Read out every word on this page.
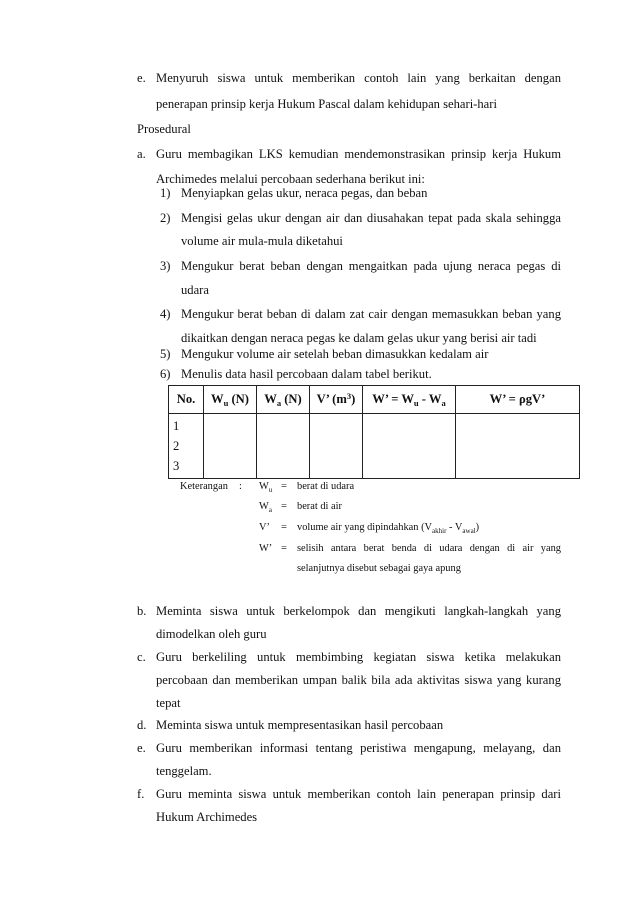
e. Menyuruh siswa untuk memberikan contoh lain yang berkaitan dengan
penerapan prinsip kerja Hukum Pascal dalam kehidupan sehari-hari
Prosedural
a. Guru membagikan LKS kemudian mendemonstrasikan prinsip kerja Hukum
Archimedes melalui percobaan sederhana berikut ini:
1) Menyiapkan gelas ukur, neraca pegas, dan beban
2) Mengisi gelas ukur dengan air dan diusahakan tepat pada skala sehingga
volume air mula-mula diketahui
3) Mengukur berat beban dengan mengaitkan pada ujung neraca pegas di
udara
4) Mengukur berat beban di dalam zat cair dengan memasukkan beban yang
dikaitkan dengan neraca pegas ke dalam gelas ukur yang berisi air tadi
5) Mengukur volume air setelah beban dimasukkan kedalam air
6) Menulis data hasil percobaan dalam tabel berikut.
No.	$W_u$ (N)	$W_a$ (N)	V’ $(m^3)$	W’ = $W_u - W_a$	W’ = ρgV’

1
2
3					

Keterangan : $W_u$ = berat di udara
$W_a$ = berat di air
V’ = volume air yang dipindahkan $(V_{akhir} - V_{awal})$
W’ = selisih antara berat benda di udara dengan di air yang
selanjutnya disebut sebagai gaya apung
b. Meminta siswa untuk berkelompok dan mengikuti langkah-langkah yang
dimodelkan oleh guru
c. Guru berkeliling untuk membimbing kegiatan siswa ketika melakukan
percobaan dan memberikan umpan balik bila ada aktivitas siswa yang kurang
tepat
d. Meminta siswa untuk mempresentasikan hasil percobaan
e. Guru memberikan informasi tentang peristiwa mengapung, melayang, dan
tenggelam.
f. Guru meminta siswa untuk memberikan contoh lain penerapan prinsip dari
Hukum Archimedes
